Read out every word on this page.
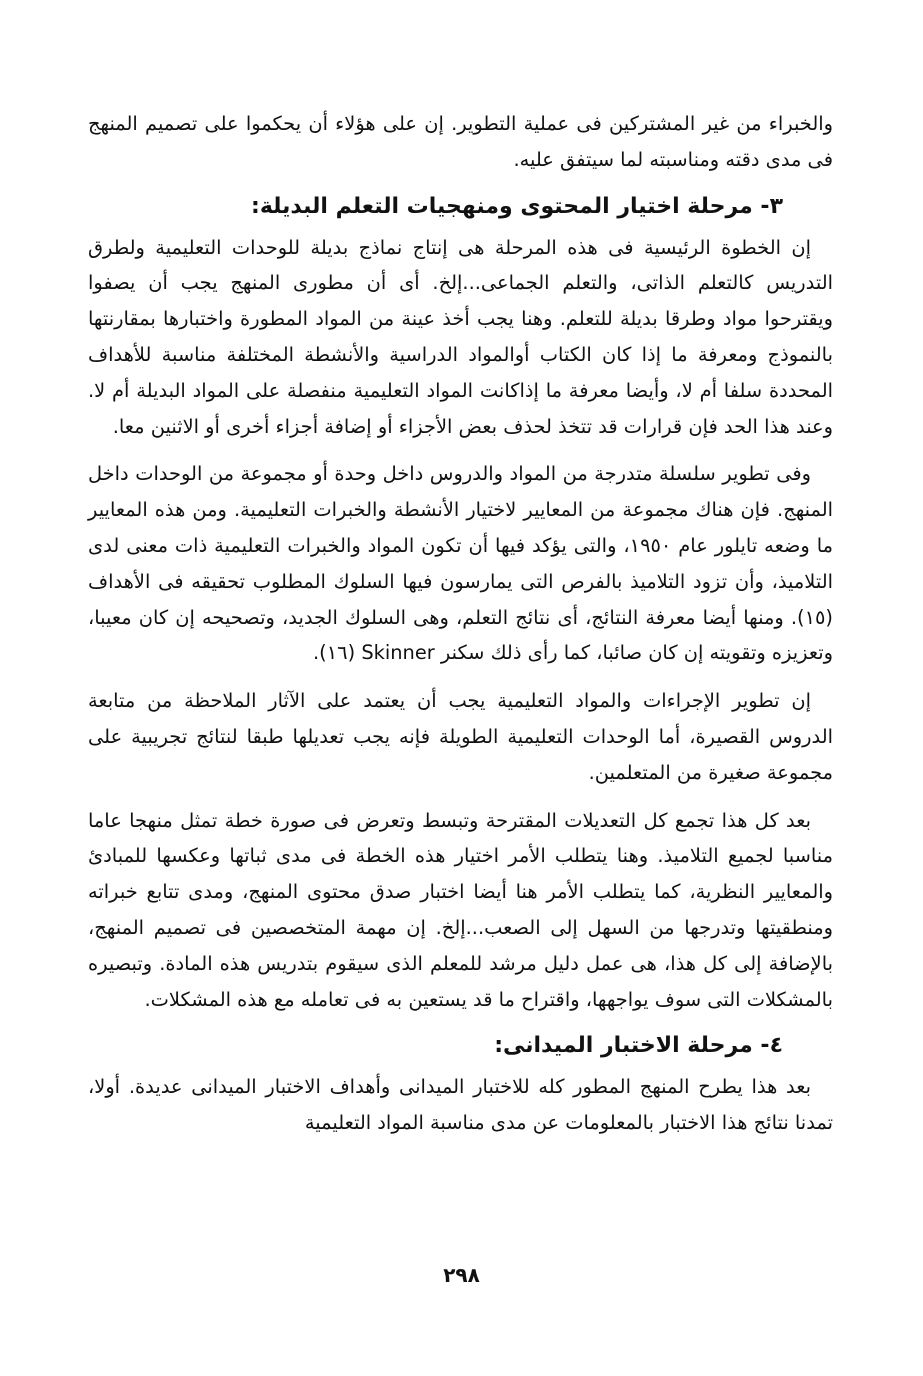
والخبراء من غير المشتركين فى عملية التطوير. إن على هؤلاء أن يحكموا على تصميم المنهج فى مدى دقته ومناسبته لما سيتفق عليه.

٣- مرحلة اختيار المحتوى ومنهجيات التعلم البديلة:

إن الخطوة الرئيسية فى هذه المرحلة هى إنتاج نماذج بديلة للوحدات التعليمية ولطرق التدريس كالتعلم الذاتى، والتعلم الجماعى...إلخ. أى أن مطورى المنهج يجب أن يصفوا ويقترحوا مواد وطرقا بديلة للتعلم. وهنا يجب أخذ عينة من المواد المطورة واختبارها بمقارنتها بالنموذج ومعرفة ما إذا كان الكتاب أوالمواد الدراسية والأنشطة المختلفة مناسبة للأهداف المحددة سلفا أم لا، وأيضا معرفة ما إذاكانت المواد التعليمية منفصلة على المواد البديلة أم لا. وعند هذا الحد فإن قرارات قد تتخذ لحذف بعض الأجزاء أو إضافة أجزاء أخرى أو الاثنين معا.

وفى تطوير سلسلة متدرجة من المواد والدروس داخل وحدة أو مجموعة من الوحدات داخل المنهج. فإن هناك مجموعة من المعايير لاختيار الأنشطة والخبرات التعليمية. ومن هذه المعايير ما وضعه تايلور عام ١٩٥٠، والتى يؤكد فيها أن تكون المواد والخبرات التعليمية ذات معنى لدى التلاميذ، وأن تزود التلاميذ بالفرص التى يمارسون فيها السلوك المطلوب تحقيقه فى الأهداف (١٥). ومنها أيضا معرفة النتائج، أى نتائج التعلم، وهى السلوك الجديد، وتصحيحه إن كان معيبا، وتعزيزه وتقويته إن كان صائبا، كما رأى ذلك سكنر Skinner (١٦).

إن تطوير الإجراءات والمواد التعليمية يجب أن يعتمد على الآثار الملاحظة من متابعة الدروس القصيرة، أما الوحدات التعليمية الطويلة فإنه يجب تعديلها طبقا لنتائج تجريبية على مجموعة صغيرة من المتعلمين.

بعد كل هذا تجمع كل التعديلات المقترحة وتبسط وتعرض فى صورة خطة تمثل منهجا عاما مناسبا لجميع التلاميذ. وهنا يتطلب الأمر اختيار هذه الخطة فى مدى ثباتها وعكسها للمبادئ والمعايير النظرية، كما يتطلب الأمر هنا أيضا اختبار صدق محتوى المنهج، ومدى تتابع خبراته ومنطقيتها وتدرجها من السهل إلى الصعب...إلخ. إن مهمة المتخصصين فى تصميم المنهج، بالإضافة إلى كل هذا، هى عمل دليل مرشد للمعلم الذى سيقوم بتدريس هذه المادة. وتبصيره بالمشكلات التى سوف يواجهها، واقتراح ما قد يستعين به فى تعامله مع هذه المشكلات.

٤- مرحلة الاختبار الميدانى:

بعد هذا يطرح المنهج المطور كله للاختبار الميدانى وأهداف الاختبار الميدانى عديدة. أولا، تمدنا نتائج هذا الاختبار بالمعلومات عن مدى مناسبة المواد التعليمية

٢٩٨
